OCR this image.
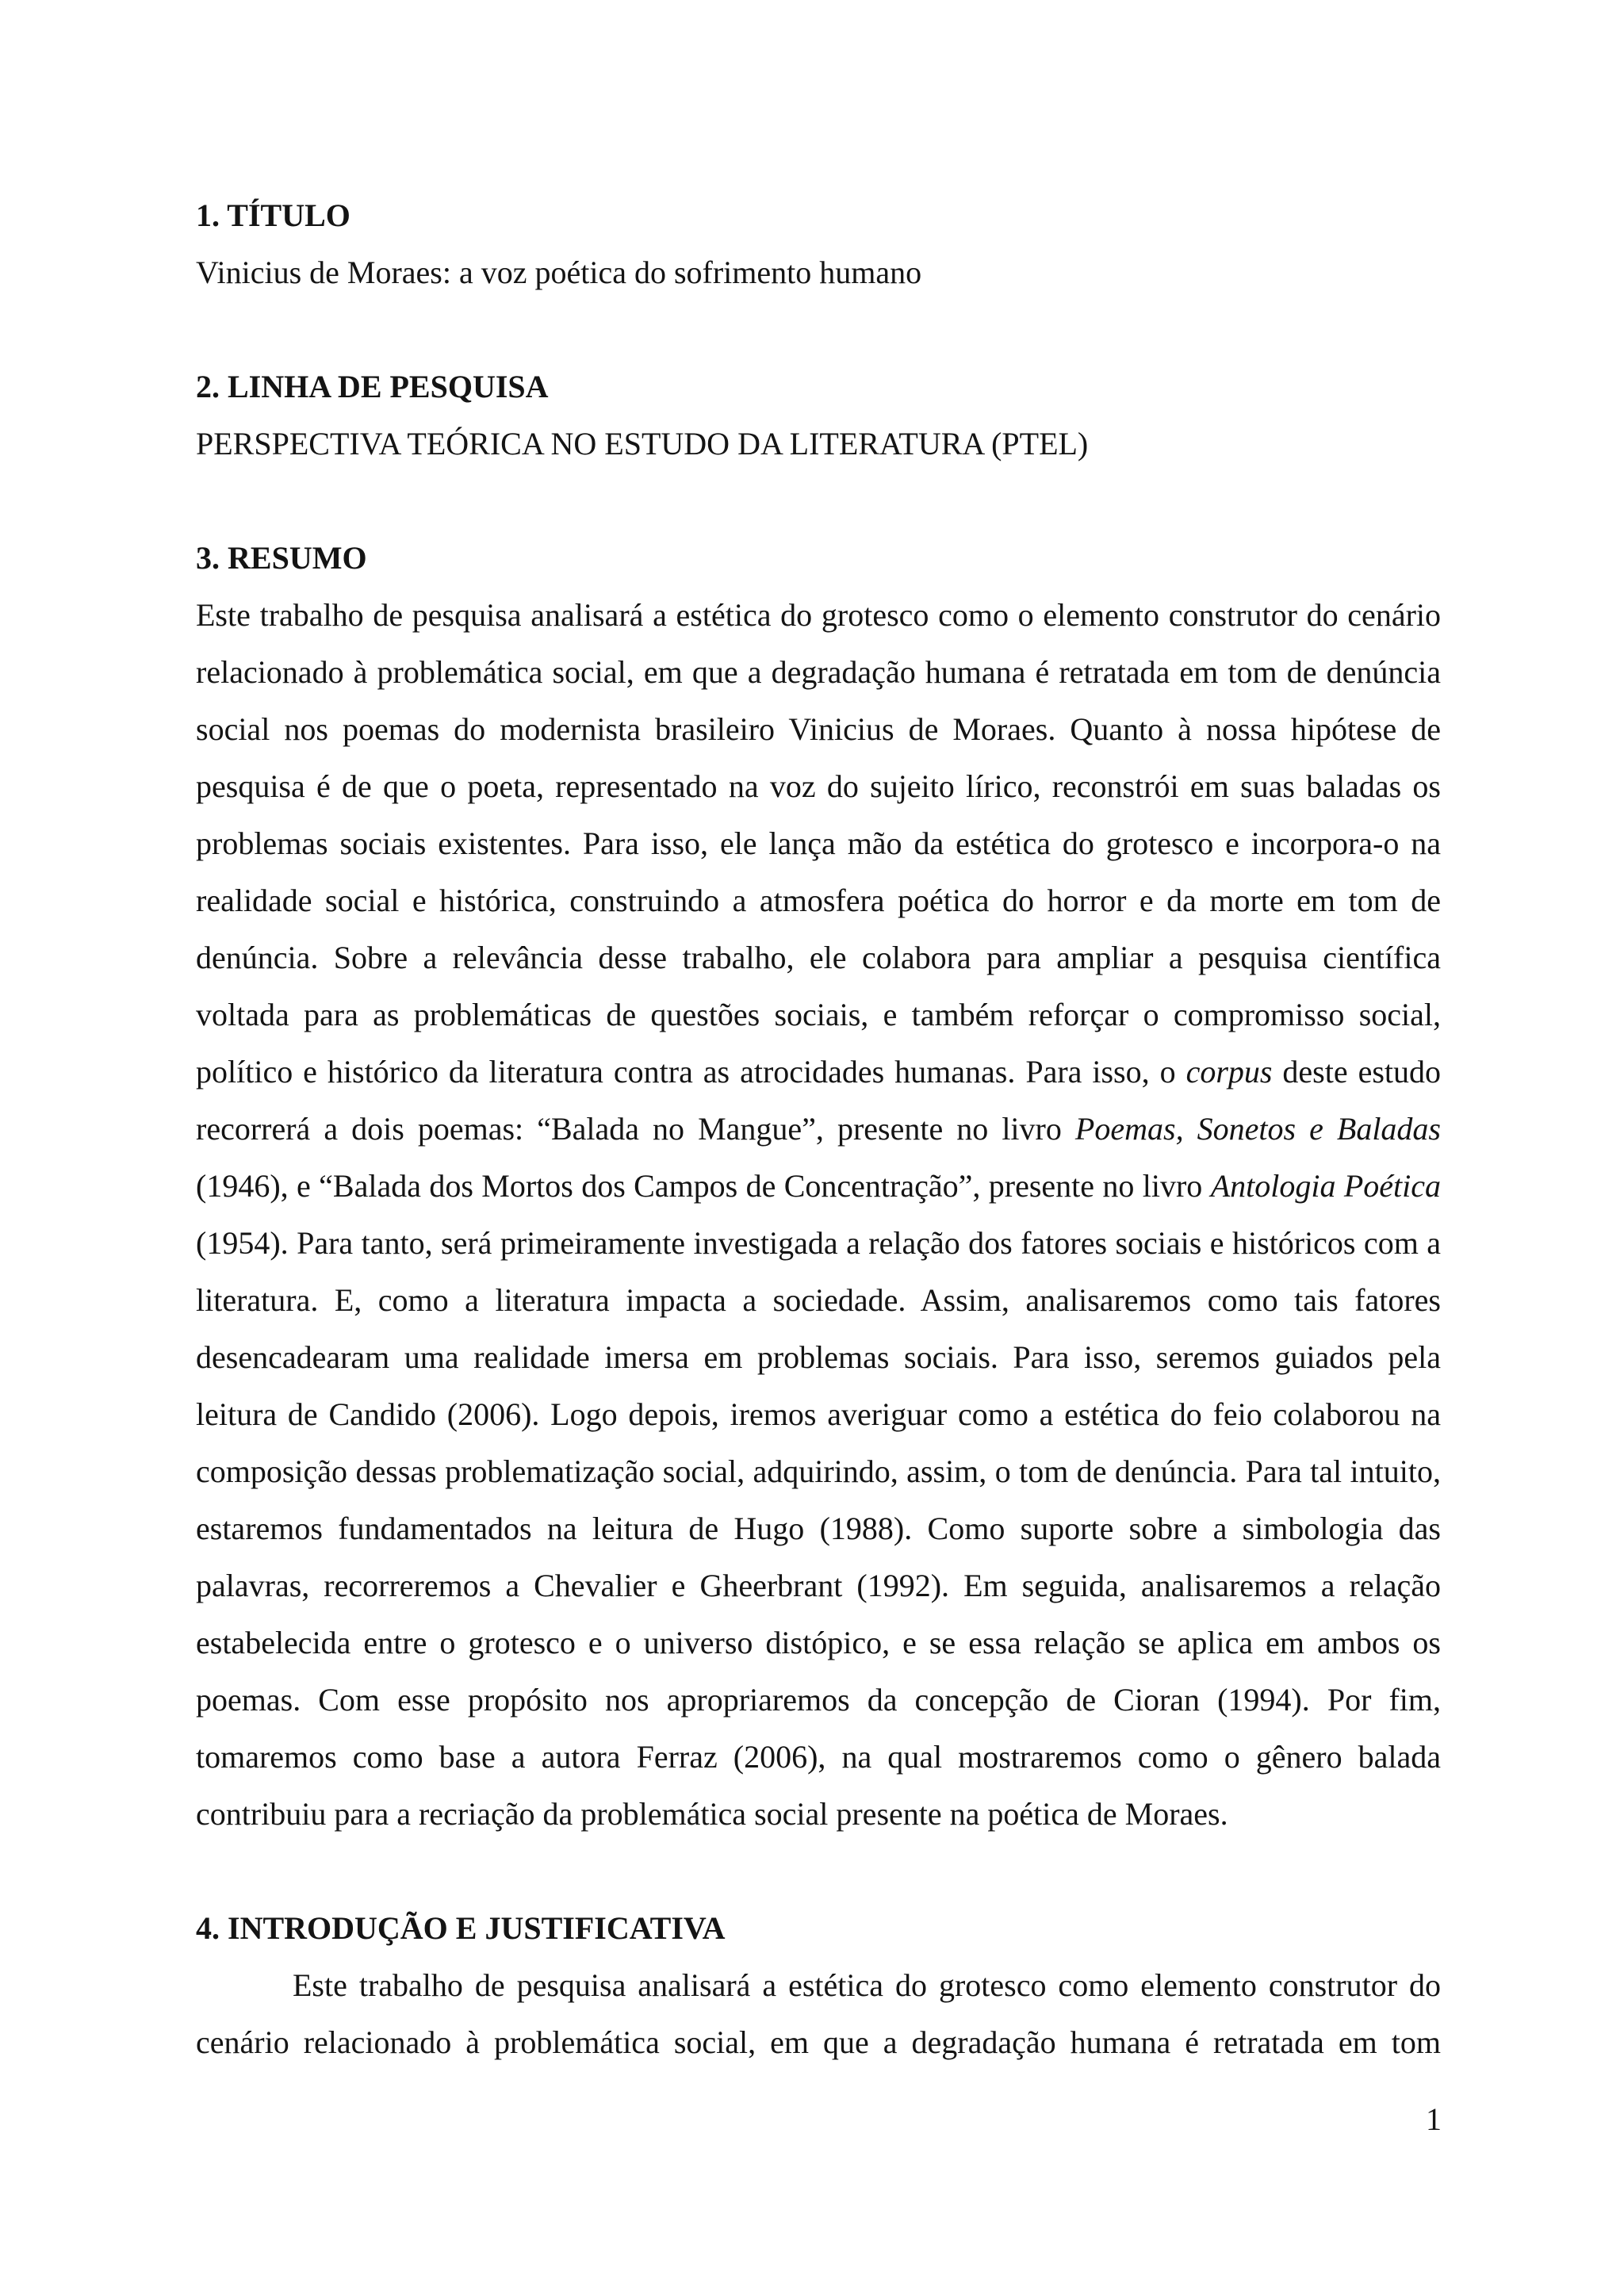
1. TÍTULO

Vinicius de Moraes: a voz poética do sofrimento humano

2. LINHA DE PESQUISA

PERSPECTIVA TEÓRICA NO ESTUDO DA LITERATURA (PTEL)

3. RESUMO

Este trabalho de pesquisa analisará a estética do grotesco como o elemento construtor do cenário relacionado à problemática social, em que a degradação humana é retratada em tom de denúncia social nos poemas do modernista brasileiro Vinicius de Moraes. Quanto à nossa hipótese de pesquisa é de que o poeta, representado na voz do sujeito lírico, reconstrói em suas baladas os problemas sociais existentes. Para isso, ele lança mão da estética do grotesco e incorpora-o na realidade social e histórica, construindo a atmosfera poética do horror e da morte em tom de denúncia. Sobre a relevância desse trabalho, ele colabora para ampliar a pesquisa científica voltada para as problemáticas de questões sociais, e também reforçar o compromisso social, político e histórico da literatura contra as atrocidades humanas. Para isso, o corpus deste estudo recorrerá a dois poemas: “Balada no Mangue”, presente no livro Poemas, Sonetos e Baladas (1946), e “Balada dos Mortos dos Campos de Concentração”, presente no livro Antologia Poética (1954). Para tanto, será primeiramente investigada a relação dos fatores sociais e históricos com a literatura. E, como a literatura impacta a sociedade. Assim, analisaremos como tais fatores desencadearam uma realidade imersa em problemas sociais. Para isso, seremos guiados pela leitura de Candido (2006). Logo depois, iremos averiguar como a estética do feio colaborou na composição dessas problematização social, adquirindo, assim, o tom de denúncia. Para tal intuito, estaremos fundamentados na leitura de Hugo (1988). Como suporte sobre a simbologia das palavras, recorreremos a Chevalier e Gheerbrant (1992). Em seguida, analisaremos a relação estabelecida entre o grotesco e o universo distópico, e se essa relação se aplica em ambos os poemas. Com esse propósito nos apropriaremos da concepção de Cioran (1994). Por fim, tomaremos como base a autora Ferraz (2006), na qual mostraremos como o gênero balada contribuiu para a recriação da problemática social presente na poética de Moraes.

4. INTRODUÇÃO E JUSTIFICATIVA

Este trabalho de pesquisa analisará a estética do grotesco como elemento construtor do
cenário relacionado à problemática social, em que a degradação humana é retratada em tom

1
